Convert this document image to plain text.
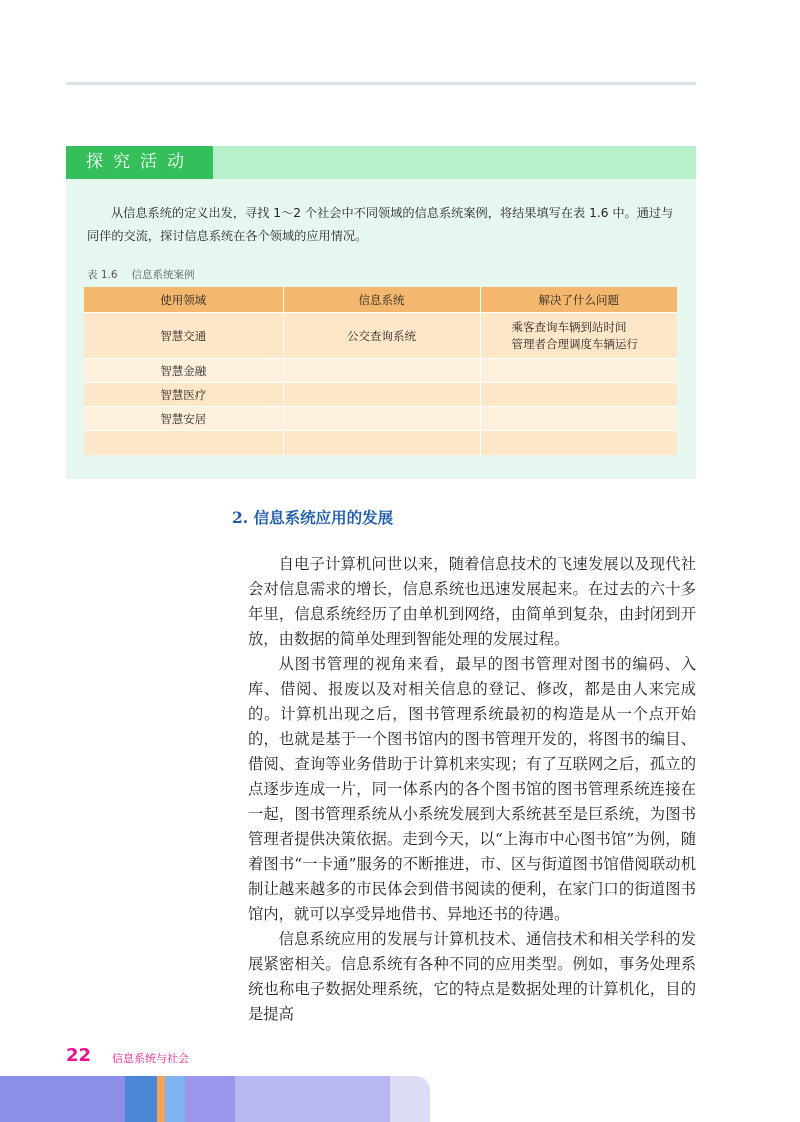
探究活动

从信息系统的定义出发，寻找 1～2 个社会中不同领域的信息系统案例，将结果填写在表 1.6 中。通过与同伴的交流，探讨信息系统在各个领域的应用情况。

表 1.6 信息系统案例
使用领域	信息系统	解决了什么问题
智慧交通	公交查询系统	乘客查询车辆到站时间
管理者合理调度车辆运行
智慧金融		
智慧医疗		
智慧安居		

2. 信息系统应用的发展

自电子计算机问世以来，随着信息技术的飞速发展以及现代社会对信息需求的增长，信息系统也迅速发展起来。在过去的六十多年里，信息系统经历了由单机到网络，由简单到复杂，由封闭到开放，由数据的简单处理到智能处理的发展过程。

从图书管理的视角来看，最早的图书管理对图书的编码、入库、借阅、报废以及对相关信息的登记、修改，都是由人来完成的。计算机出现之后，图书管理系统最初的构造是从一个点开始的，也就是基于一个图书馆内的图书管理开发的，将图书的编目、借阅、查询等业务借助于计算机来实现；有了互联网之后，孤立的点逐步连成一片，同一体系内的各个图书馆的图书管理系统连接在一起，图书管理系统从小系统发展到大系统甚至是巨系统，为图书管理者提供决策依据。走到今天，以“上海市中心图书馆”为例，随着图书“一卡通”服务的不断推进，市、区与街道图书馆借阅联动机制让越来越多的市民体会到借书阅读的便利，在家门口的街道图书馆内，就可以享受异地借书、异地还书的待遇。

信息系统应用的发展与计算机技术、通信技术和相关学科的发展紧密相关。信息系统有各种不同的应用类型。例如，事务处理系统也称电子数据处理系统，它的特点是数据处理的计算机化，目的是提高

22 信息系统与社会
